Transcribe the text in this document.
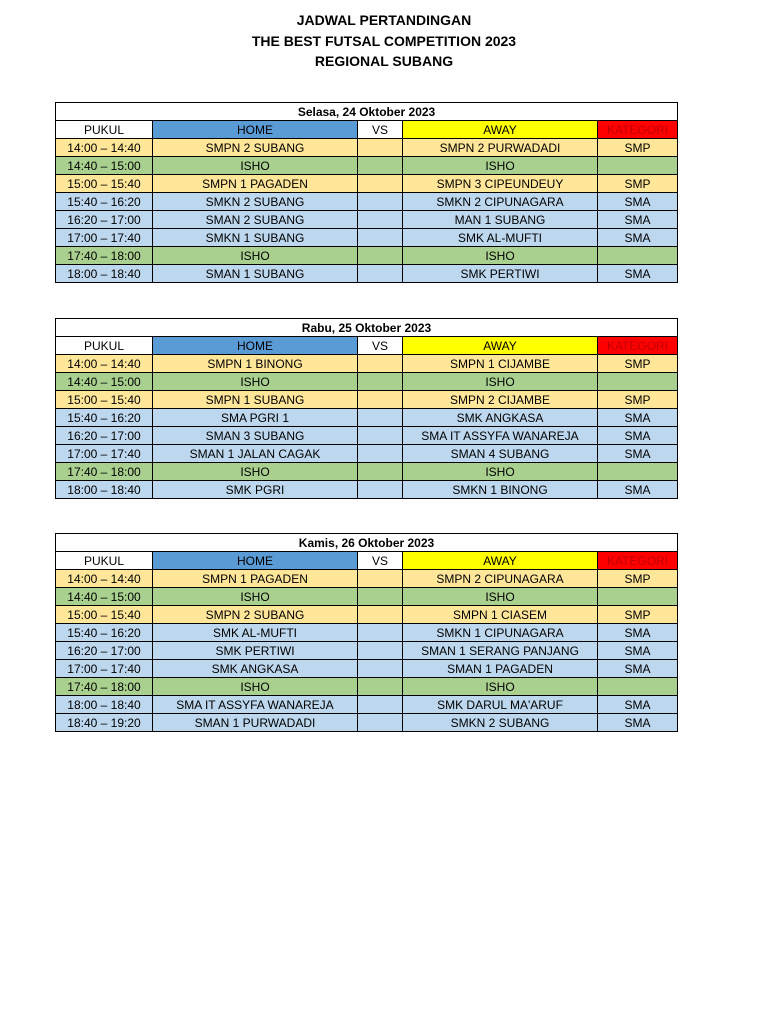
JADWAL PERTANDINGAN
THE BEST FUTSAL COMPETITION 2023
REGIONAL SUBANG
Selasa, 24 Oktober 2023				
PUKUL	HOME	VS	AWAY	KATEGORI
14:00 – 14:40	SMPN 2 SUBANG		SMPN 2 PURWADADI	SMP
14:40 – 15:00	ISHO		ISHO	
15:00 – 15:40	SMPN 1 PAGADEN		SMPN 3 CIPEUNDEUY	SMP
15:40 – 16:20	SMKN 2 SUBANG		SMKN 2 CIPUNAGARA	SMA
16:20 – 17:00	SMAN 2 SUBANG		MAN 1 SUBANG	SMA
17:00 – 17:40	SMKN 1 SUBANG		SMK AL-MUFTI	SMA
17:40 – 18:00	ISHO		ISHO	
18:00 – 18:40	SMAN 1 SUBANG		SMK PERTIWI	SMA
Rabu, 25 Oktober 2023				
PUKUL	HOME	VS	AWAY	KATEGORI
14:00 – 14:40	SMPN 1 BINONG		SMPN 1 CIJAMBE	SMP
14:40 – 15:00	ISHO		ISHO	
15:00 – 15:40	SMPN 1 SUBANG		SMPN 2 CIJAMBE	SMP
15:40 – 16:20	SMA PGRI 1		SMK ANGKASA	SMA
16:20 – 17:00	SMAN 3 SUBANG		SMA IT ASSYFA WANAREJA	SMA
17:00 – 17:40	SMAN 1 JALAN CAGAK		SMAN 4 SUBANG	SMA
17:40 – 18:00	ISHO		ISHO	
18:00 – 18:40	SMK PGRI		SMKN 1 BINONG	SMA
Kamis, 26 Oktober 2023				
PUKUL	HOME	VS	AWAY	KATEGORI
14:00 – 14:40	SMPN 1 PAGADEN		SMPN 2 CIPUNAGARA	SMP
14:40 – 15:00	ISHO		ISHO	
15:00 – 15:40	SMPN 2 SUBANG		SMPN 1 CIASEM	SMP
15:40 – 16:20	SMK AL-MUFTI		SMKN 1 CIPUNAGARA	SMA
16:20 – 17:00	SMK PERTIWI		SMAN 1 SERANG PANJANG	SMA
17:00 – 17:40	SMK ANGKASA		SMAN 1 PAGADEN	SMA
17:40 – 18:00	ISHO		ISHO	
18:00 – 18:40	SMA IT ASSYFA WANAREJA		SMK DARUL MA'ARUF	SMA
18:40 – 19:20	SMAN 1 PURWADADI		SMKN 2 SUBANG	SMA
